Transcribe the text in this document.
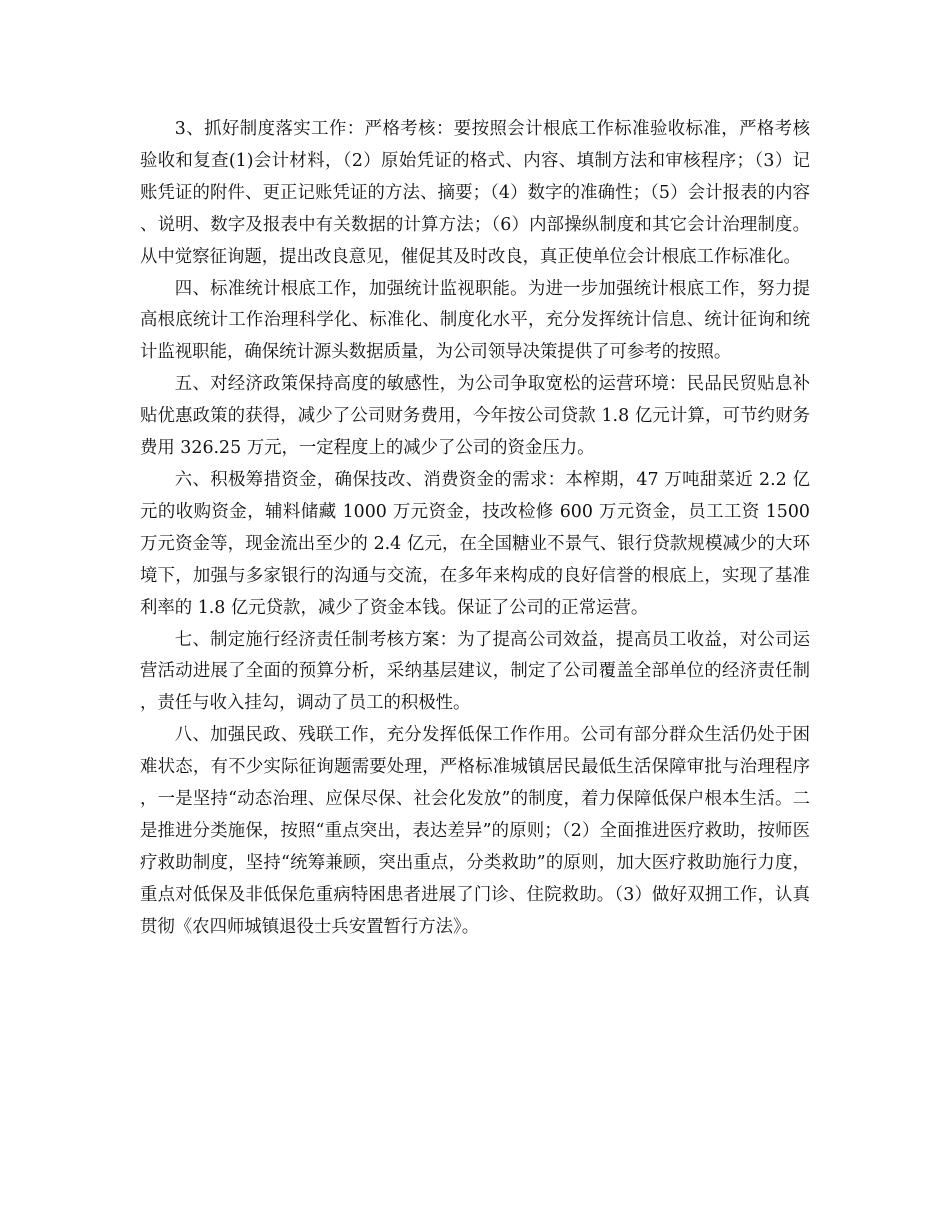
3、抓好制度落实工作：严格考核：要按照会计根底工作标准验收标准，严格考核验收和复查(1)会计材料，（2）原始凭证的格式、内容、填制方法和审核程序；（3）记账凭证的附件、更正记账凭证的方法、摘要；（4）数字的准确性；（5）会计报表的内容、说明、数字及报表中有关数据的计算方法；（6）内部操纵制度和其它会计治理制度。从中觉察征询题，提出改良意见，催促其及时改良，真正使单位会计根底工作标准化。

四、标准统计根底工作，加强统计监视职能。为进一步加强统计根底工作，努力提高根底统计工作治理科学化、标准化、制度化水平，充分发挥统计信息、统计征询和统计监视职能，确保统计源头数据质量，为公司领导决策提供了可参考的按照。

五、对经济政策保持高度的敏感性，为公司争取宽松的运营环境：民品民贸贴息补贴优惠政策的获得，减少了公司财务费用，今年按公司贷款 1.8 亿元计算，可节约财务费用 326.25 万元，一定程度上的减少了公司的资金压力。

六、积极筹措资金，确保技改、消费资金的需求：本榨期，47 万吨甜菜近 2.2 亿元的收购资金，辅料储藏 1000 万元资金，技改检修 600 万元资金，员工工资 1500 万元资金等，现金流出至少的 2.4 亿元，在全国糖业不景气、银行贷款规模减少的大环境下，加强与多家银行的沟通与交流，在多年来构成的良好信誉的根底上，实现了基准利率的 1.8 亿元贷款，减少了资金本钱。保证了公司的正常运营。

七、制定施行经济责任制考核方案：为了提高公司效益，提高员工收益，对公司运营活动进展了全面的预算分析，采纳基层建议，制定了公司覆盖全部单位的经济责任制，责任与收入挂勾，调动了员工的积极性。

八、加强民政、残联工作，充分发挥低保工作作用。公司有部分群众生活仍处于困难状态，有不少实际征询题需要处理，严格标准城镇居民最低生活保障审批与治理程序，一是坚持“动态治理、应保尽保、社会化发放”的制度，着力保障低保户根本生活。二是推进分类施保，按照“重点突出，表达差异”的原则；（2）全面推进医疗救助，按师医疗救助制度，坚持“统筹兼顾，突出重点，分类救助”的原则，加大医疗救助施行力度，重点对低保及非低保危重病特困患者进展了门诊、住院救助。（3）做好双拥工作，认真贯彻《农四师城镇退役士兵安置暂行方法》。
